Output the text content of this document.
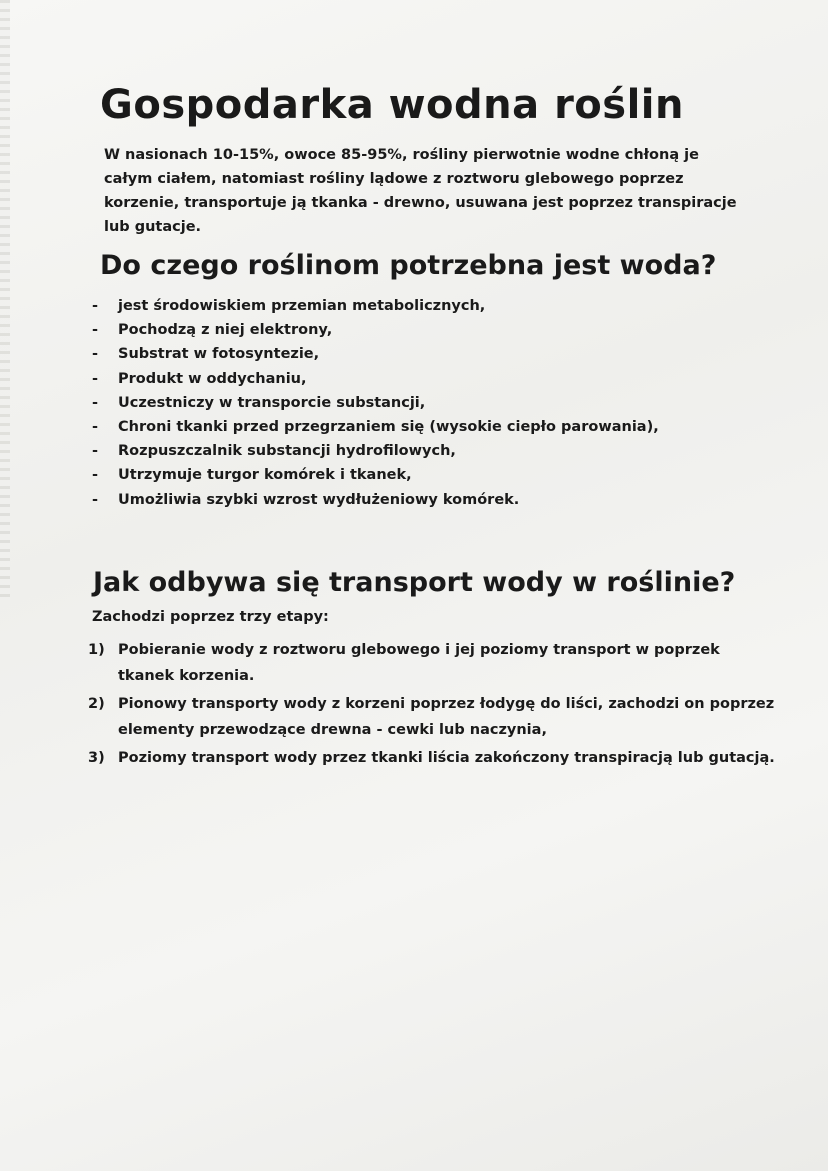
Gospodarka wodna roślin

W nasionach 10-15%, owoce 85-95%, rośliny pierwotnie wodne chłoną je całym ciałem, natomiast rośliny lądowe z roztworu glebowego poprzez korzenie, transportuje ją tkanka - drewno, usuwana jest poprzez transpiracje lub gutacje.

Do czego roślinom potrzebna jest woda?
- jest środowiskiem przemian metabolicznych,
- Pochodzą z niej elektrony,
- Substrat w fotosyntezie,
- Produkt w oddychaniu,
- Uczestniczy w transporcie substancji,
- Chroni tkanki przed przegrzaniem się (wysokie ciepło parowania),
- Rozpuszczalnik substancji hydrofilowych,
- Utrzymuje turgor komórek i tkanek,
- Umożliwia szybki wzrost wydłużeniowy komórek.
Jak odbywa się transport wody w roślinie?
Zachodzi poprzez trzy etapy:
1) Pobieranie wody z roztworu glebowego i jej poziomy transport w poprzek tkanek korzenia.
2) Pionowy transporty wody z korzeni poprzez łodygę do liści, zachodzi on poprzez elementy przewodzące drewna - cewki lub naczynia,
3) Poziomy transport wody przez tkanki liścia zakończony transpiracją lub gutacją.
